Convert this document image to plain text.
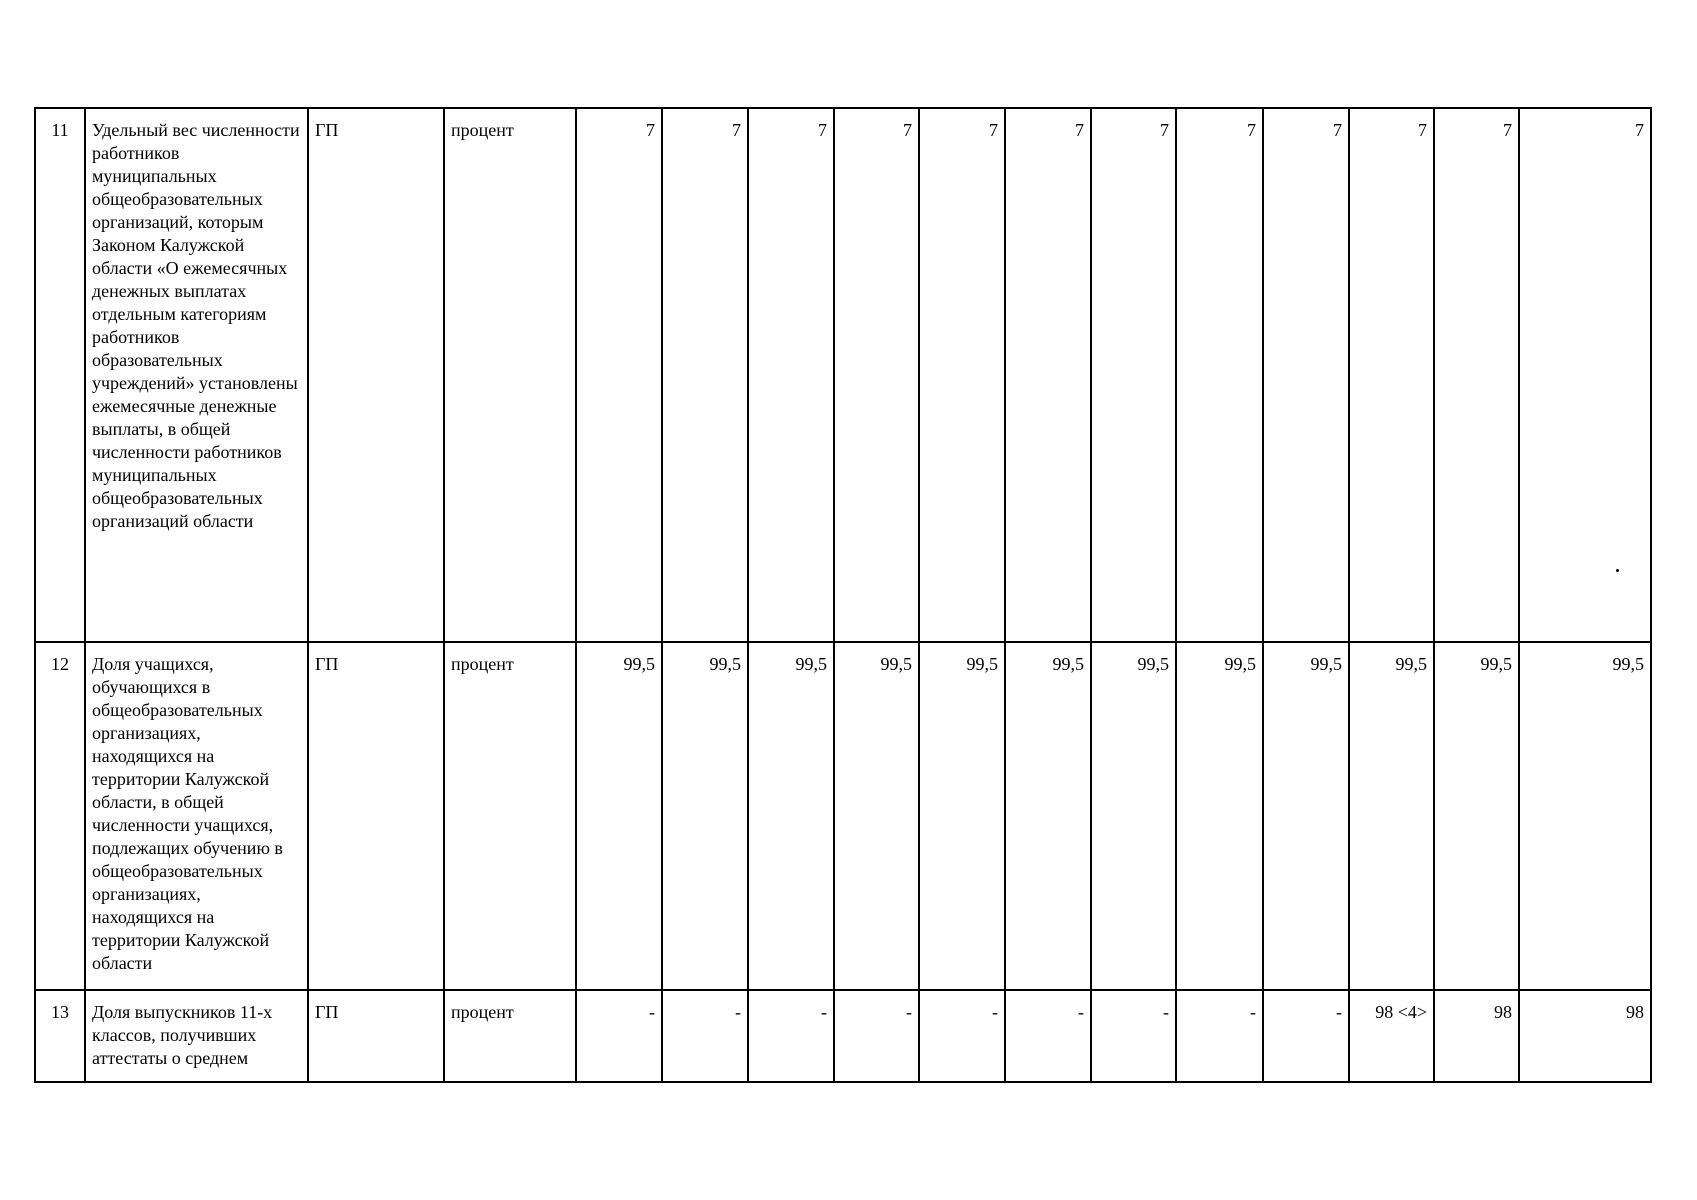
11	Удельный вес численности работников муниципальных общеобразовательных организаций, которым Законом Калужской области «О ежемесячных денежных выплатах отдельным категориям работников образовательных учреждений» установлены ежемесячные денежные выплаты, в общей численности работников муниципальных общеобразовательных организаций области	ГП	процент	7	7	7	7	7	7	7	7	7	7	7	7
12	Доля учащихся, обучающихся в общеобразовательных организациях, находящихся на территории Калужской области, в общей численности учащихся, подлежащих обучению в общеобразовательных организациях, находящихся на территории Калужской области	ГП	процент	99,5	99,5	99,5	99,5	99,5	99,5	99,5	99,5	99,5	99,5	99,5	99,5
13	Доля выпускников 11-х классов, получивших аттестаты о среднем	ГП	процент	-	-	-	-	-	-	-	-	-	98 <4>	98	98
